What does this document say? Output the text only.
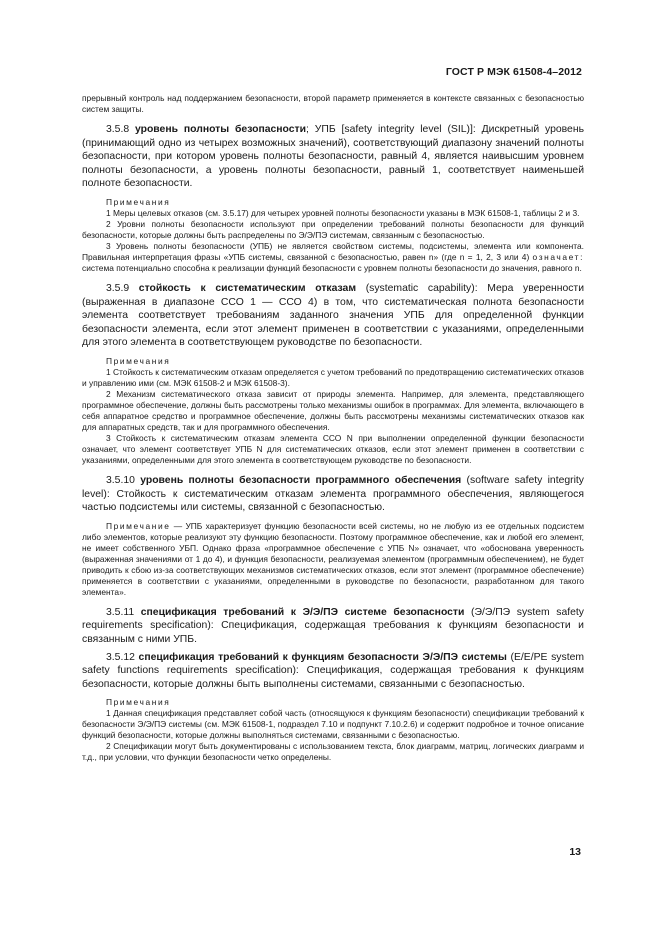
ГОСТ Р МЭК 61508-4–2012

прерывный контроль над поддержанием безопасности, второй параметр применяется в контексте связанных с безопасностью систем защиты.

3.5.8 уровень полноты безопасности; УПБ [safety integrity level (SIL)]: Дискретный уровень (принимающий одно из четырех возможных значений), соответствующий диапазону значений полноты безопасности, при котором уровень полноты безопасности, равный 4, является наивысшим уровнем полноты безопасности, а уровень полноты безопасности, равный 1, соответствует наименьшей полноте безопасности.

Примечания

1 Меры целевых отказов (см. 3.5.17) для четырех уровней полноты безопасности указаны в МЭК 61508-1, таблицы 2 и 3.

2 Уровни полноты безопасности используют при определении требований полноты безопасности для функций безопасности, которые должны быть распределены по Э/Э/ПЭ системам, связанным с безопасностью.

3 Уровень полноты безопасности (УПБ) не является свойством системы, подсистемы, элемента или компонента. Правильная интерпретация фразы «УПБ системы, связанной с безопасностью, равен n» (где n = 1, 2, 3 или 4) означает: система потенциально способна к реализации функций безопасности с уровнем полноты безопасности до значения, равного n.

3.5.9 стойкость к систематическим отказам (systematic capability): Мера уверенности (выраженная в диапазоне ССО 1 — ССО 4) в том, что систематическая полнота безопасности элемента соответствует требованиям заданного значения УПБ для определенной функции безопасности элемента, если этот элемент применен в соответствии с указаниями, определенными для этого элемента в соответствующем руководстве по безопасности.

Примечания

1 Стойкость к систематическим отказам определяется с учетом требований по предотвращению систематических отказов и управлению ими (см. МЭК 61508-2 и МЭК 61508-3).

2 Механизм систематического отказа зависит от природы элемента. Например, для элемента, представляющего программное обеспечение, должны быть рассмотрены только механизмы ошибок в программах. Для элемента, включающего в себя аппаратное средство и программное обеспечение, должны быть рассмотрены механизмы систематических отказов как для аппаратных средств, так и для программного обеспечения.

3 Стойкость к систематическим отказам элемента ССО N при выполнении определенной функции безопасности означает, что элемент соответствует УПБ N для систематических отказов, если этот элемент применен в соответствии с указаниями, определенными для этого элемента в соответствующем руководстве по безопасности.

3.5.10 уровень полноты безопасности программного обеспечения (software safety integrity level): Стойкость к систематическим отказам элемента программного обеспечения, являющегося частью подсистемы или системы, связанной с безопасностью.

Примечание — УПБ характеризует функцию безопасности всей системы, но не любую из ее отдельных подсистем либо элементов, которые реализуют эту функцию безопасности. Поэтому программное обеспечение, как и любой его элемент, не имеет собственного УБП. Однако фраза «программное обеспечение с УПБ N» означает, что «обоснована уверенность (выраженная значениями от 1 до 4), и функция безопасности, реализуемая элементом (программным обеспечением), не будет приводить к сбою из-за соответствующих механизмов систематических отказов, если этот элемент (программное обеспечение) применяется в соответствии с указаниями, определенными в руководстве по безопасности, разработанном для такого элемента».

3.5.11 спецификация требований к Э/Э/ПЭ системе безопасности (Э/Э/ПЭ system safety requirements specification): Спецификация, содержащая требования к функциям безопасности и связанным с ними УПБ.

3.5.12 спецификация требований к функциям безопасности Э/Э/ПЭ системы (E/E/PE system safety functions requirements specification): Спецификация, содержащая требования к функциям безопасности, которые должны быть выполнены системами, связанными с безопасностью.

Примечания

1 Данная спецификация представляет собой часть (относящуюся к функциям безопасности) спецификации требований к безопасности Э/Э/ПЭ системы (см. МЭК 61508-1, подраздел 7.10 и подпункт 7.10.2.6) и содержит подробное и точное описание функций безопасности, которые должны выполняться системами, связанными с безопасностью.

2 Спецификации могут быть документированы с использованием текста, блок диаграмм, матриц, логических диаграмм и т.д., при условии, что функции безопасности четко определены.

13
